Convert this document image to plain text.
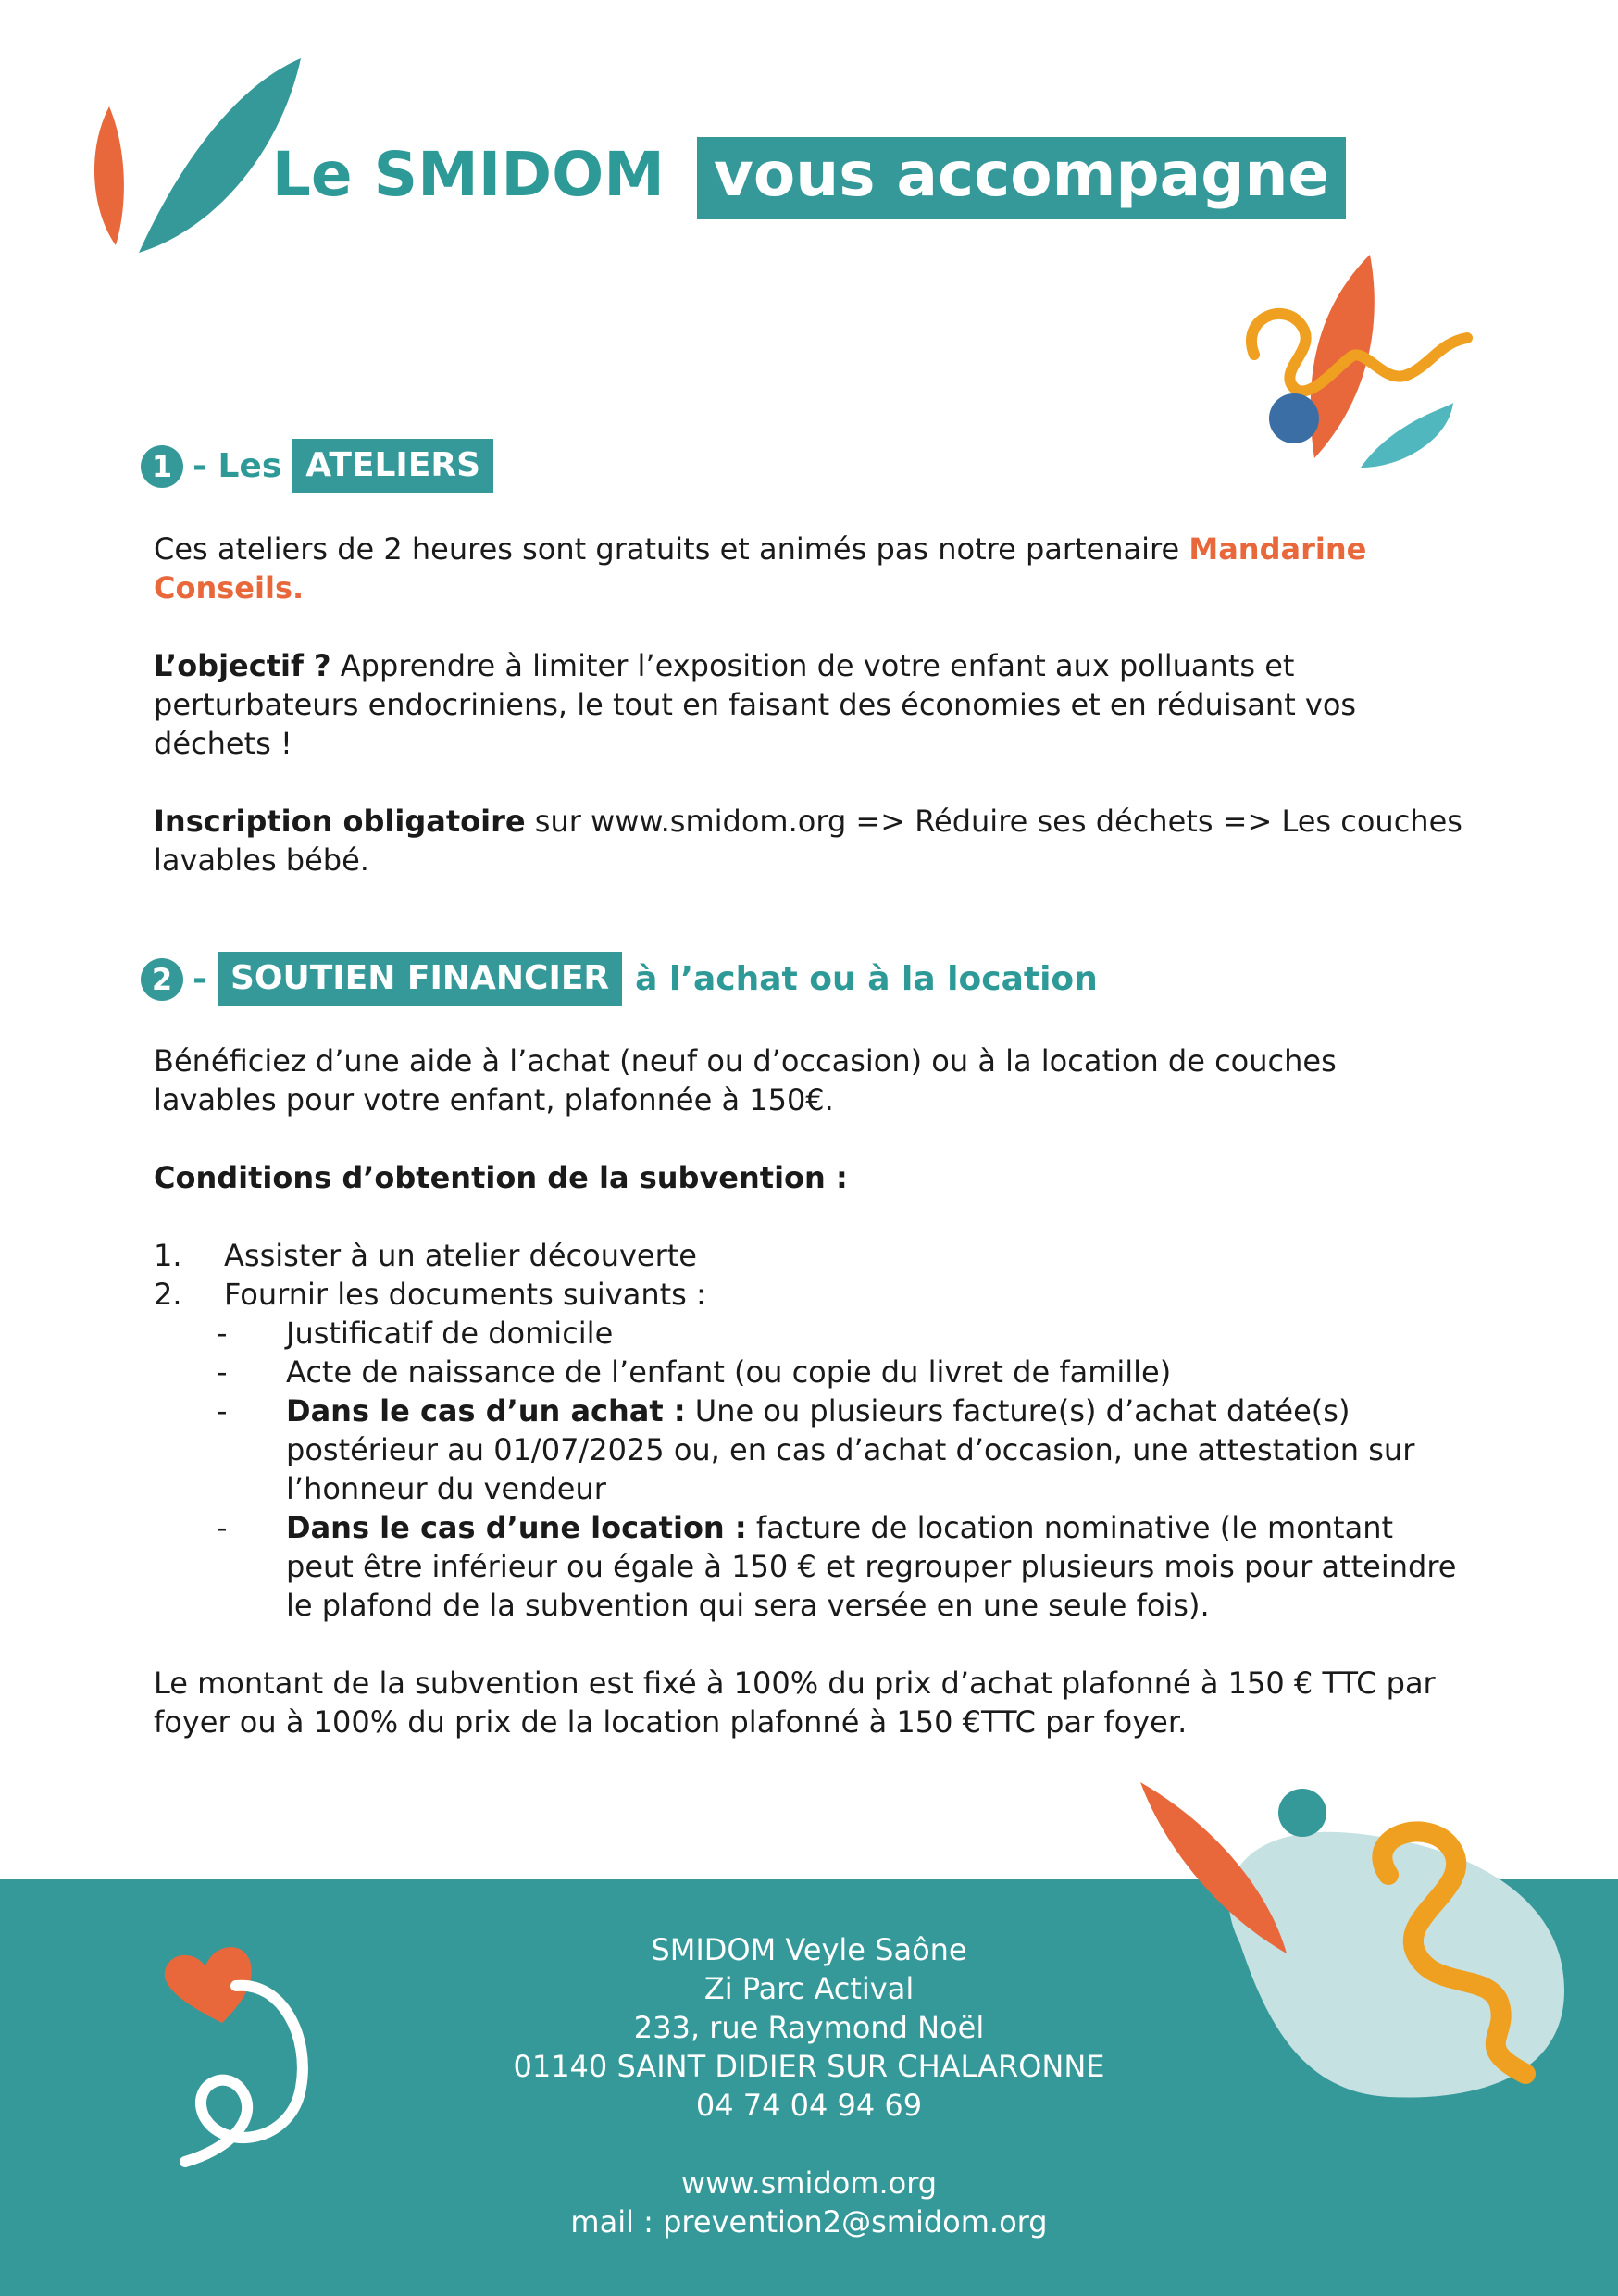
Le SMIDOM vous accompagne
1 - Les ATELIERS

Ces ateliers de 2 heures sont gratuits et animés pas notre partenaire Mandarine Conseils.

L’objectif ? Apprendre à limiter l’exposition de votre enfant aux polluants et perturbateurs endocriniens, le tout en faisant des économies et en réduisant vos déchets !

Inscription obligatoire sur www.smidom.org => Réduire ses déchets => Les couches lavables bébé.

2 - SOUTIEN FINANCIER à l’achat ou à la location

Bénéficiez d’une aide à l’achat (neuf ou d’occasion) ou à la location de couches lavables pour votre enfant, plafonnée à 150€.

Conditions d’obtention de la subvention :

1. Assister à un atelier découverte
2. Fournir les documents suivants :
- Justificatif de domicile
- Acte de naissance de l’enfant (ou copie du livret de famille)
- Dans le cas d’un achat : Une ou plusieurs facture(s) d’achat datée(s) postérieur au 01/07/2025 ou, en cas d’achat d’occasion, une attestation sur l’honneur du vendeur
- Dans le cas d’une location : facture de location nominative (le montant peut être inférieur ou égale à 150 € et regrouper plusieurs mois pour atteindre le plafond de la subvention qui sera versée en une seule fois).

Le montant de la subvention est fixé à 100% du prix d’achat plafonné à 150 € TTC par foyer ou à 100% du prix de la location plafonné à 150 €TTC par foyer.

SMIDOM Veyle Saône
Zi Parc Actival
233, rue Raymond Noël
01140 SAINT DIDIER SUR CHALARONNE
04 74 04 94 69
www.smidom.org
mail : prevention2@smidom.org
